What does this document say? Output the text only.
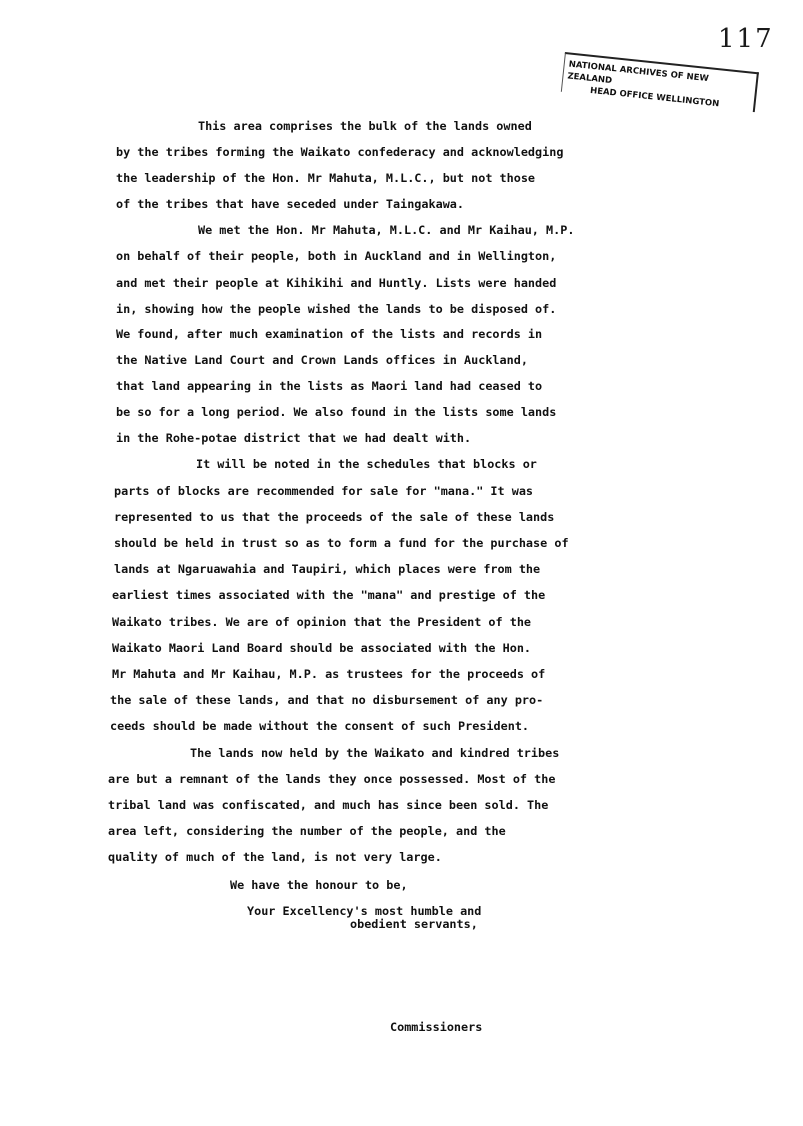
117
NATIONAL ARCHIVES OF NEW ZEALAND
HEAD OFFICE WELLINGTON
This area comprises the bulk of the lands owned
by the tribes forming the Waikato confederacy and acknowledging
the leadership of the Hon. Mr Mahuta, M.L.C., but not those
of the tribes that have seceded under Taingakawa.
We met the Hon. Mr Mahuta, M.L.C. and Mr Kaihau, M.P.
on behalf of their people, both in Auckland and in Wellington,
and met their people at Kihikihi and Huntly. Lists were handed
in, showing how the people wished the lands to be disposed of.
We found, after much examination of the lists and records in
the Native Land Court and Crown Lands offices in Auckland,
that land appearing in the lists as Maori land had ceased to
be so for a long period. We also found in the lists some lands
in the Rohe-potae district that we had dealt with.
It will be noted in the schedules that blocks or
parts of blocks are recommended for sale for "mana." It was
represented to us that the proceeds of the sale of these lands
should be held in trust so as to form a fund for the purchase of
lands at Ngaruawahia and Taupiri, which places were from the
earliest times associated with the "mana" and prestige of the
Waikato tribes. We are of opinion that the President of the
Waikato Maori Land Board should be associated with the Hon.
Mr Mahuta and Mr Kaihau, M.P. as trustees for the proceeds of
the sale of these lands, and that no disbursement of any pro-
ceeds should be made without the consent of such President.
The lands now held by the Waikato and kindred tribes
are but a remnant of the lands they once possessed. Most of the
tribal land was confiscated, and much has since been sold. The
area left, considering the number of the people, and the
quality of much of the land, is not very large.
We have the honour to be,
Your Excellency's most humble and
obedient servants,
Commissioners
